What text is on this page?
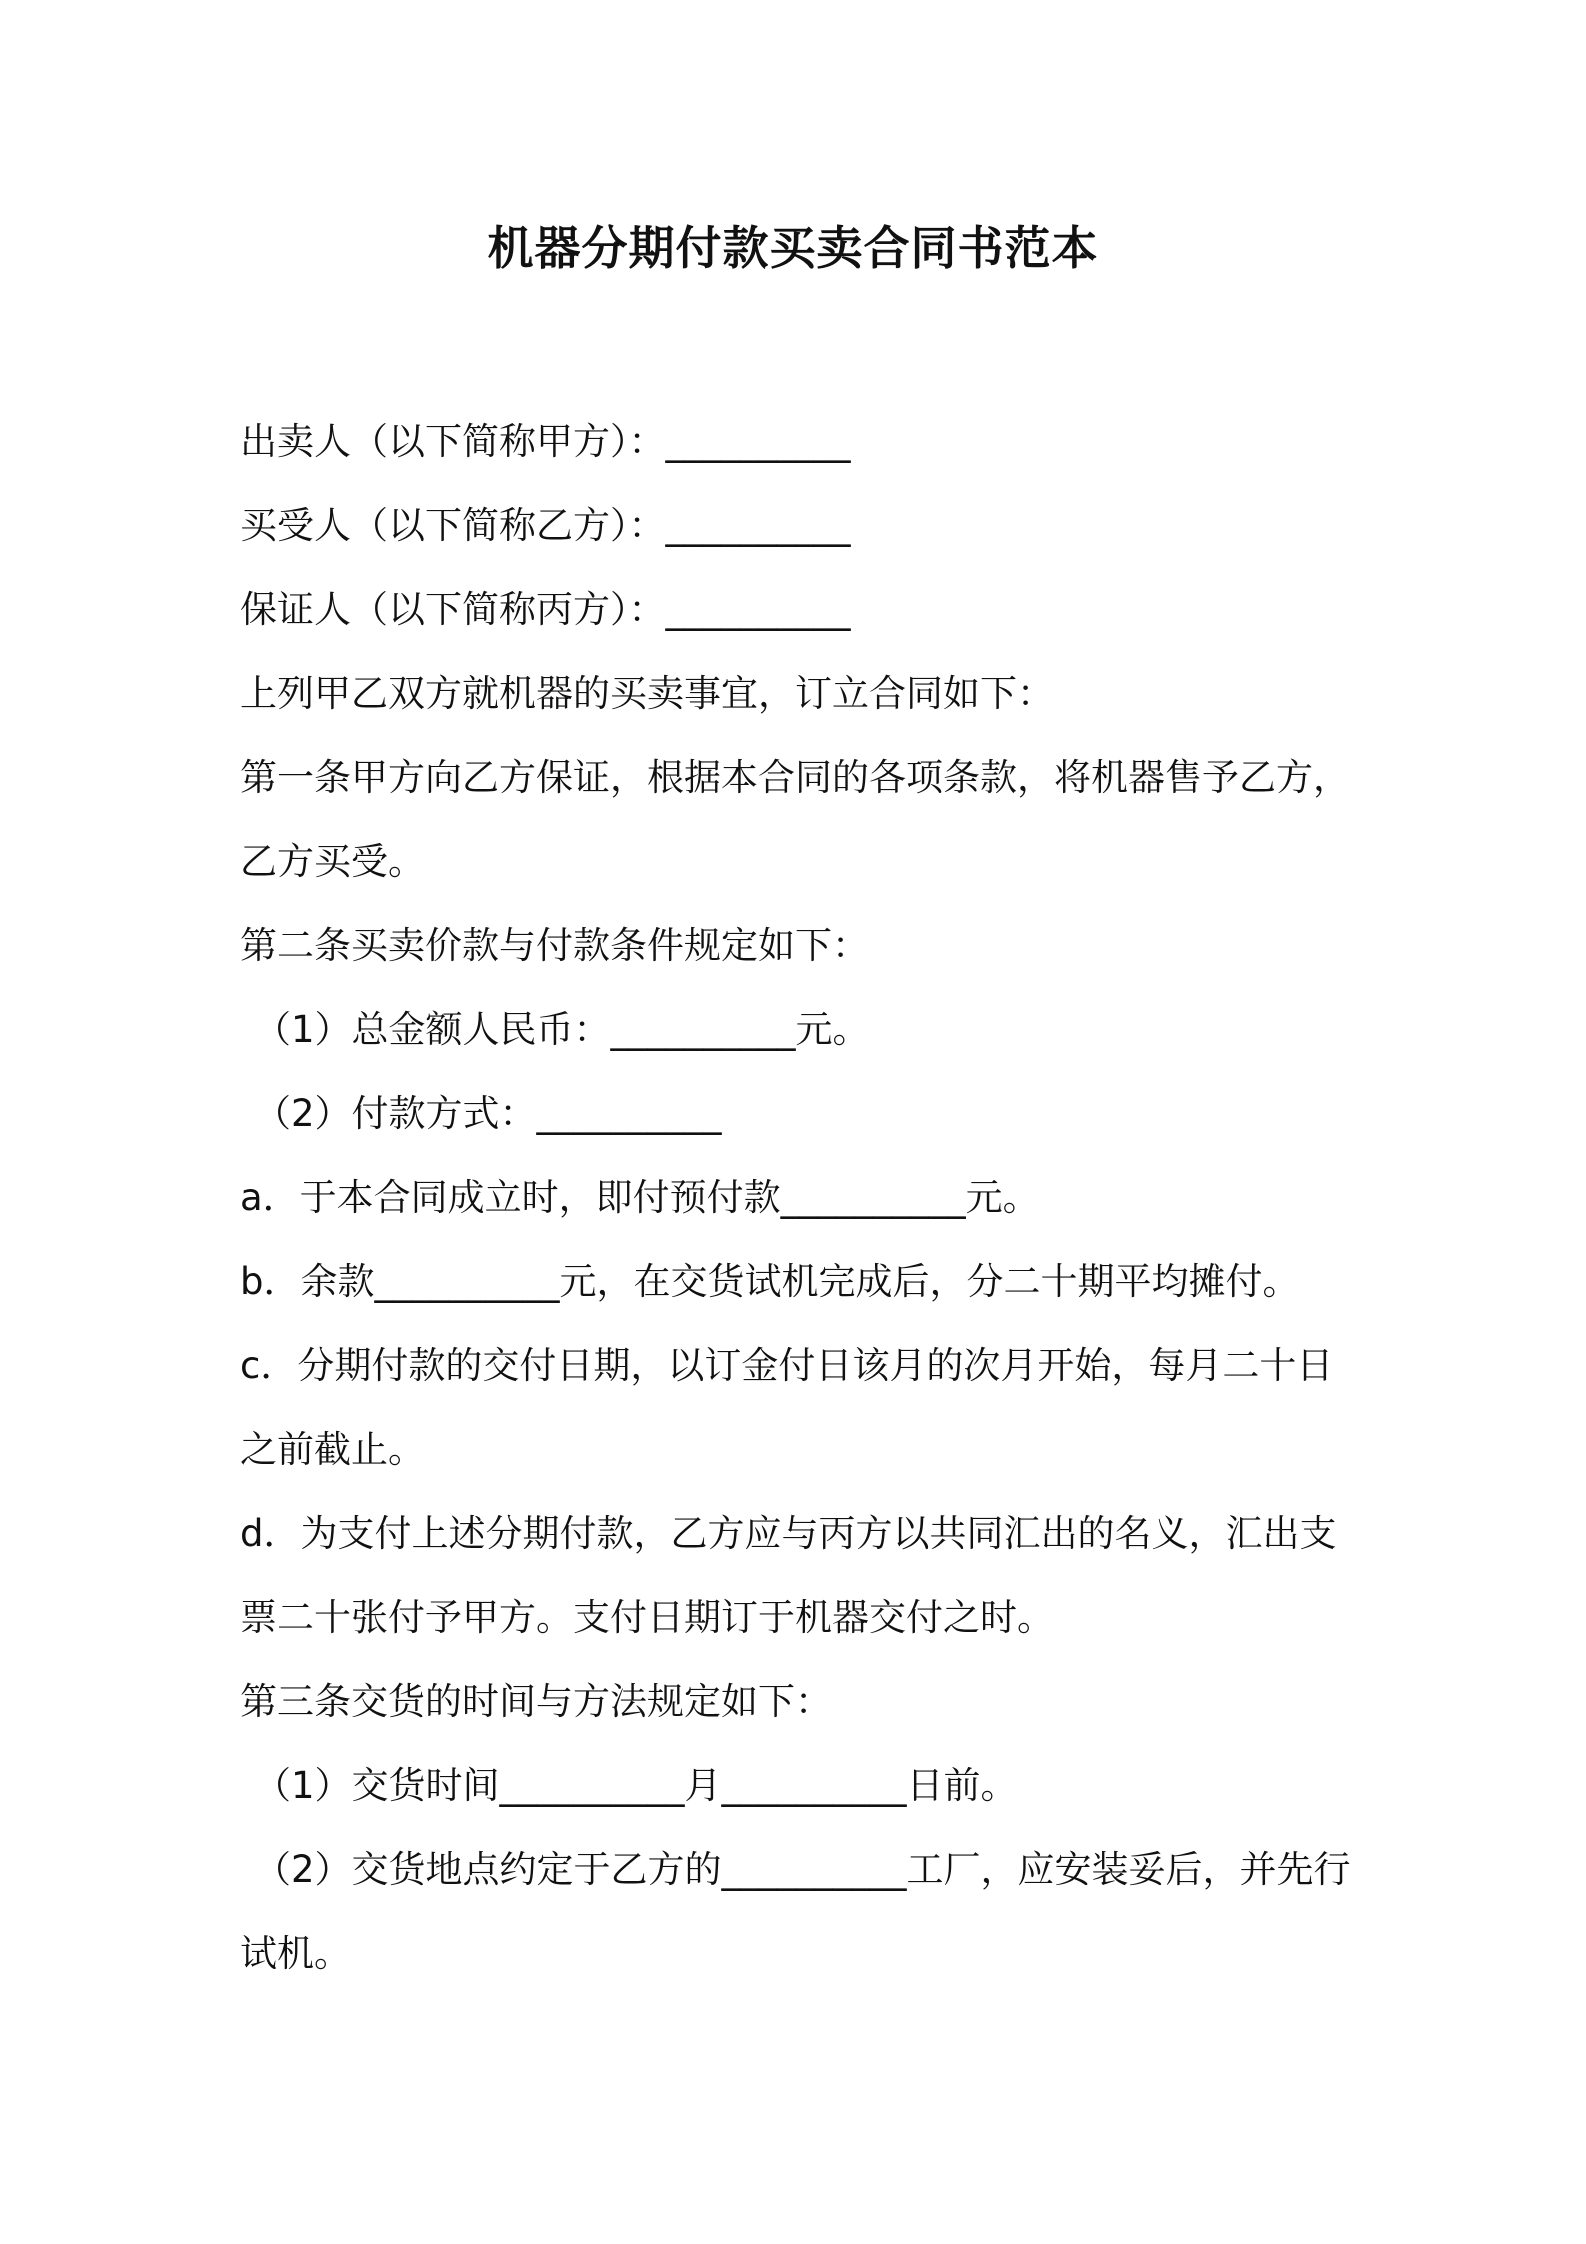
机器分期付款买卖合同书范本
出卖人（以下简称甲方）：__________
买受人（以下简称乙方）：__________
保证人（以下简称丙方）：__________
上列甲乙双方就机器的买卖事宜，订立合同如下：
第一条甲方向乙方保证，根据本合同的各项条款，将机器售予乙方，
乙方买受。
第二条买卖价款与付款条件规定如下：
（1）总金额人民币：__________元。
（2）付款方式：__________
a．于本合同成立时，即付预付款__________元。
b．余款__________元，在交货试机完成后，分二十期平均摊付。
c．分期付款的交付日期，以订金付日该月的次月开始，每月二十日
之前截止。
d．为支付上述分期付款，乙方应与丙方以共同汇出的名义，汇出支
票二十张付予甲方。支付日期订于机器交付之时。
第三条交货的时间与方法规定如下：
（1）交货时间__________月__________日前。
（2）交货地点约定于乙方的__________工厂，应安装妥后，并先行
试机。
